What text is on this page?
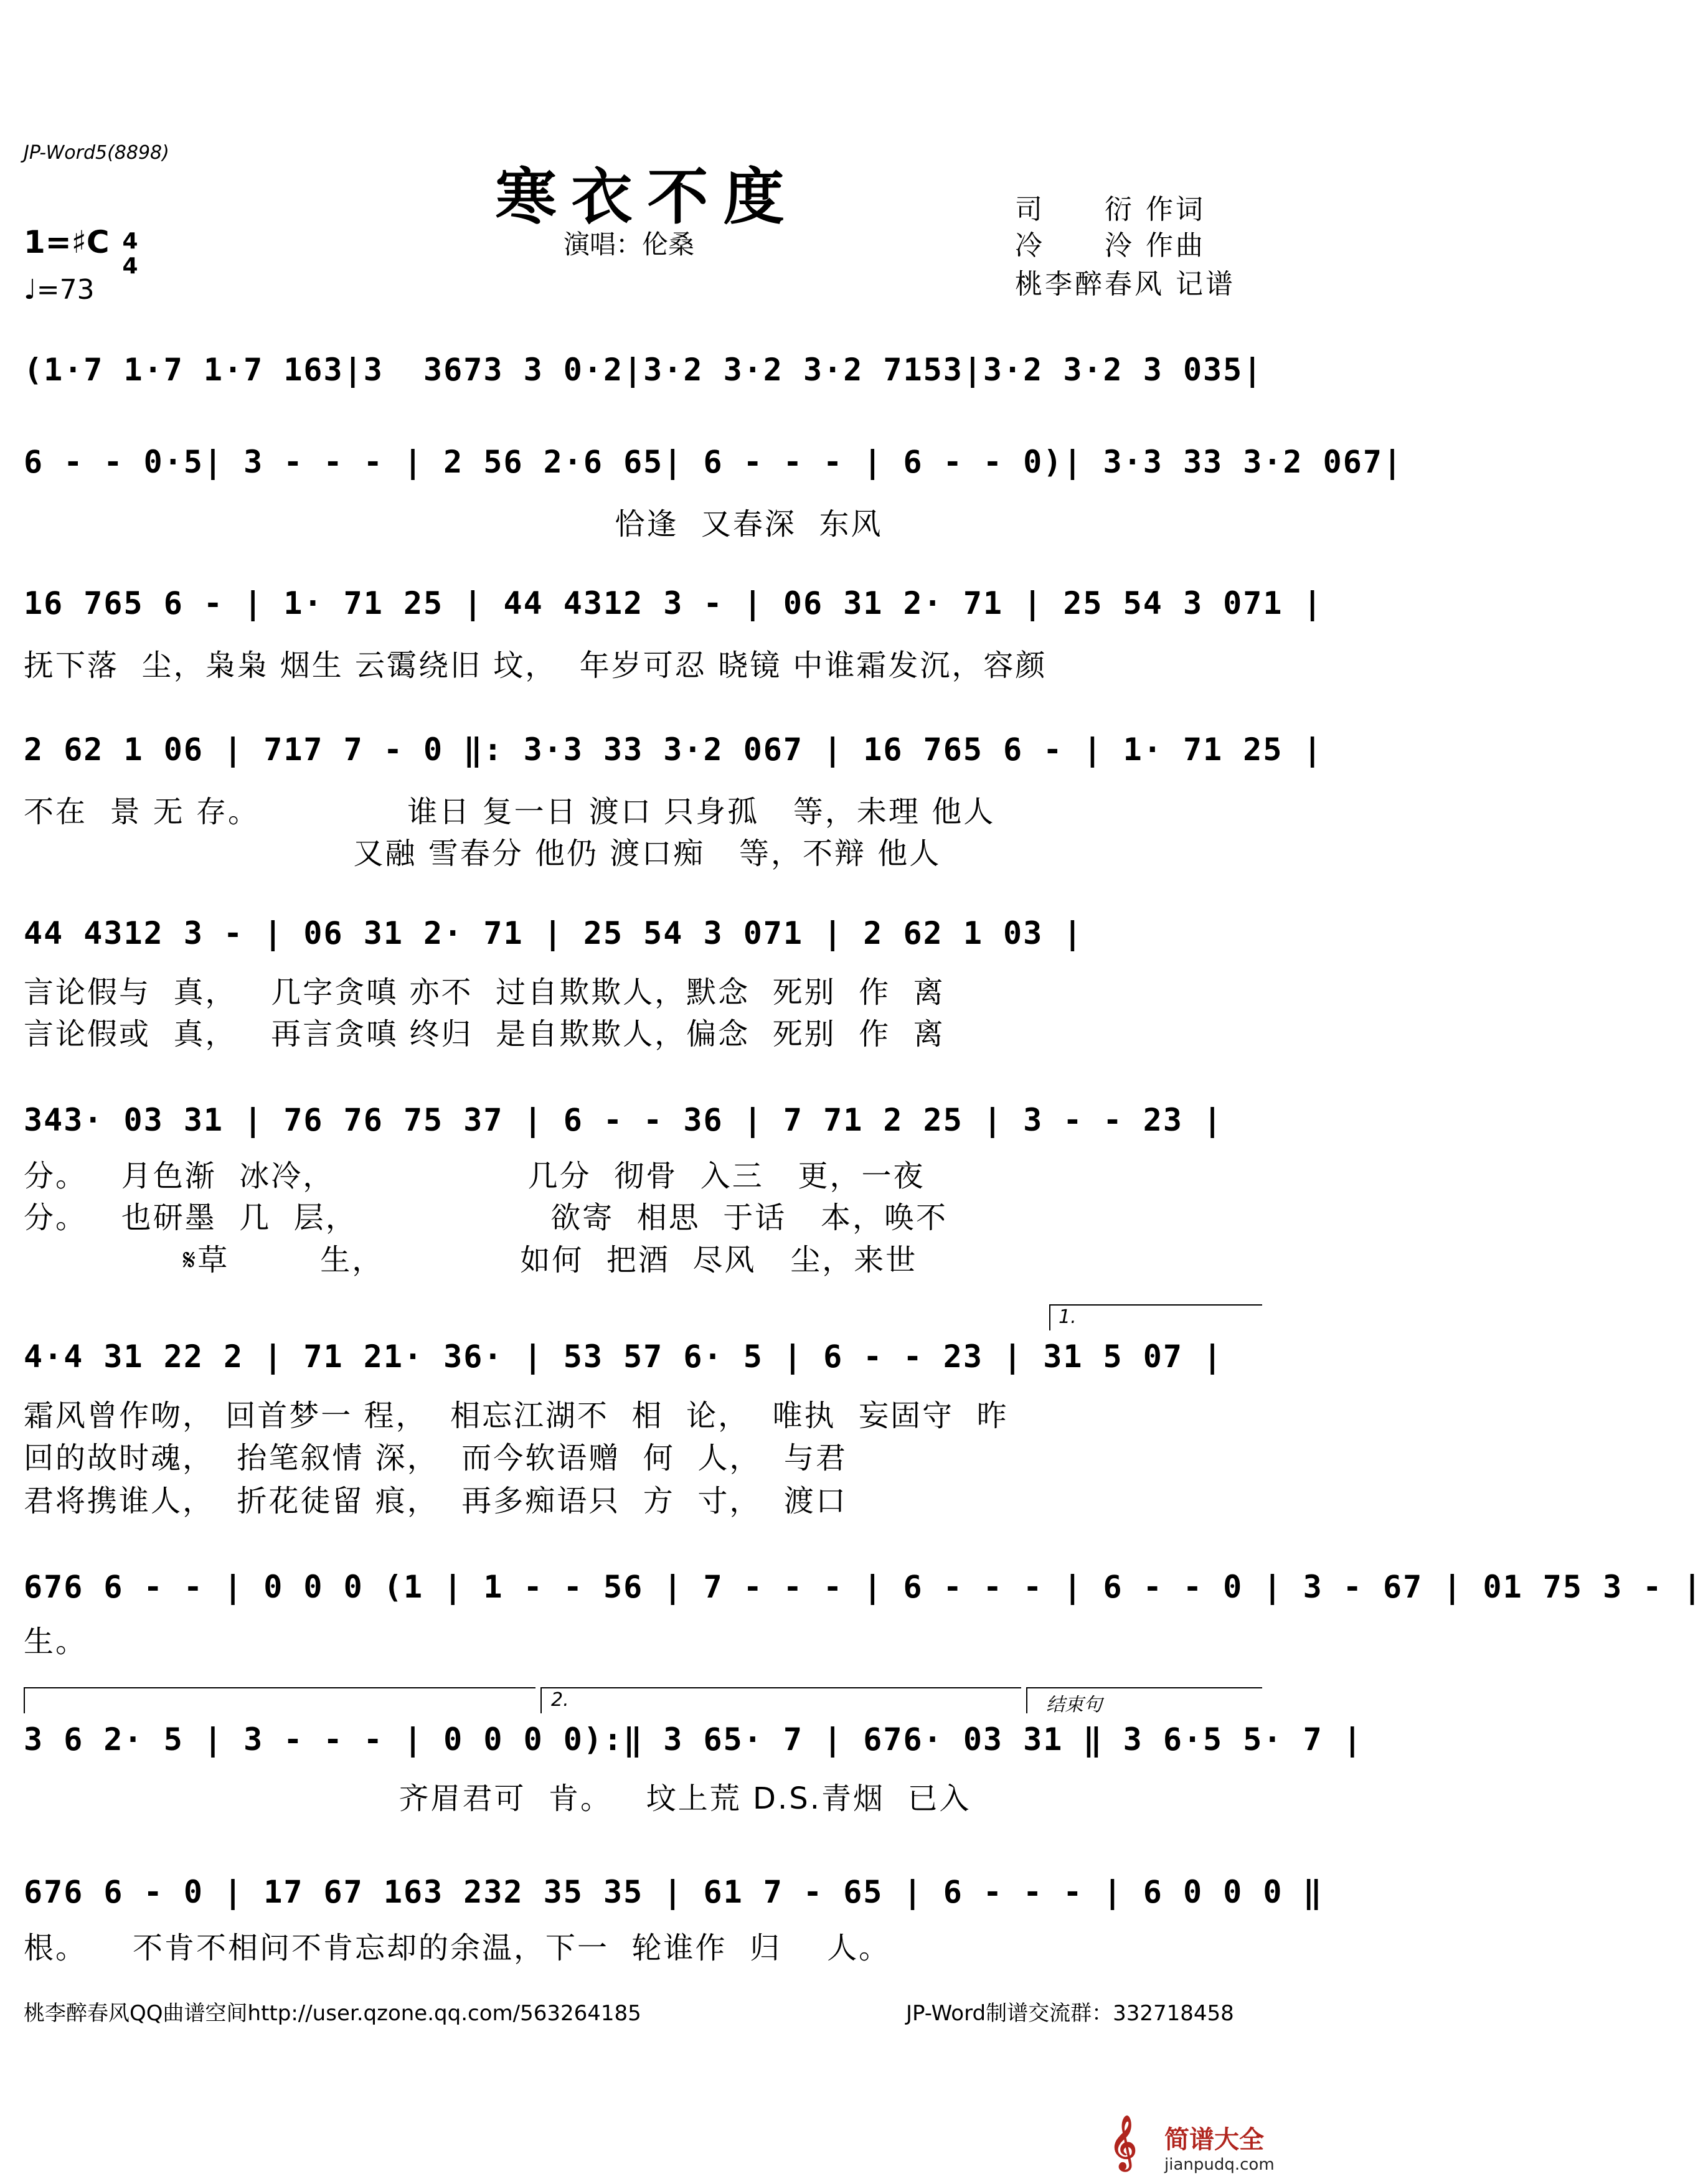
JP-Word5(8898)
寒衣不度
演唱：伦桑
司　　衍 作词
冷　　泠 作曲
桃李醉春风 记谱
1=♯C 4
4
♩=73
(1·7 1·7 1·7 163|3  3673 3 0·2|3·2 3·2 3·2 7153|3·2 3·2 3 035|
6 - - 0·5| 3 - - - | 2 56 2·6 65| 6 - - - | 6 - - 0)| 3·3 33 3·2 067|
恰逢  又春深  东风
16 765 6 - | 1· 71 25 | 44 4312 3 - | 06 31 2· 71 | 25 54 3 071 |
抚下落  尘，枭枭 烟生 云霭绕旧 坟，  年岁可忍 晓镜 中谁霜发沉，容颜
2 62 1 06 | 717 7 - 0 ‖: 3·3 33 3·2 067 | 16 765 6 - | 1· 71 25 |
不在  景 无 存。             谁日 复一日 渡口 只身孤   等，未理 他人
又融 雪春分 他仍 渡口痴   等，不辩 他人
44 4312 3 - | 06 31 2· 71 | 25 54 3 071 | 2 62 1 03 |
言论假与  真，   几字贪嗔 亦不  过自欺欺人，默念  死别  作  离
言论假或  真，   再言贪嗔 终归  是自欺欺人，偏念  死别  作  离
343· 03 31 | 76 76 75 37 | 6 - - 36 | 7 71 2 25 | 3 - - 23 |
分。   月色渐  冰冷，                 几分  彻骨  入三   更，一夜
分。   也研墨  几  层，                 欲寄  相思  于话   本，唤不
𝄋草        生，            如何  把酒  尽风   尘，来世
1.
4·4 31 22 2 | 71 21· 36· | 53 57 6· 5 | 6 - - 23 | 31 5 07 |
霜风曾作吻， 回首梦一 程，  相忘江湖不  相  论，  唯执  妄固守  昨
回的故时魂，  抬笔叙情 深，  而今软语赠  何  人，  与君
君将携谁人，  折花徒留 痕，  再多痴语只  方  寸，  渡口
676 6 - - | 0 0 0 (1 | 1 - - 56 | 7 - - - | 6 - - - | 6 - - 0 | 3 - 67 | 01 75 3 - |
生。
2.	结束句
3 6 2· 5 | 3 - - - | 0 0 0 0):‖ 3 65· 7 | 676· 03 31 ‖ 3 6·5 5· 7 |
齐眉君可  肯。   坟上荒 D.S.青烟  已入
676 6 - 0 | 17 67 163 232 35 35 | 61 7 - 65 | 6 - - - | 6 0 0 0 ‖
根。    不肯不相问不肯忘却的余温，下一  轮谁作  归    人。
桃李醉春风QQ曲谱空间http://user.qzone.qq.com/563264185	JP-Word制谱交流群：332718458
𝄞 简谱大全
jianpudq.com
